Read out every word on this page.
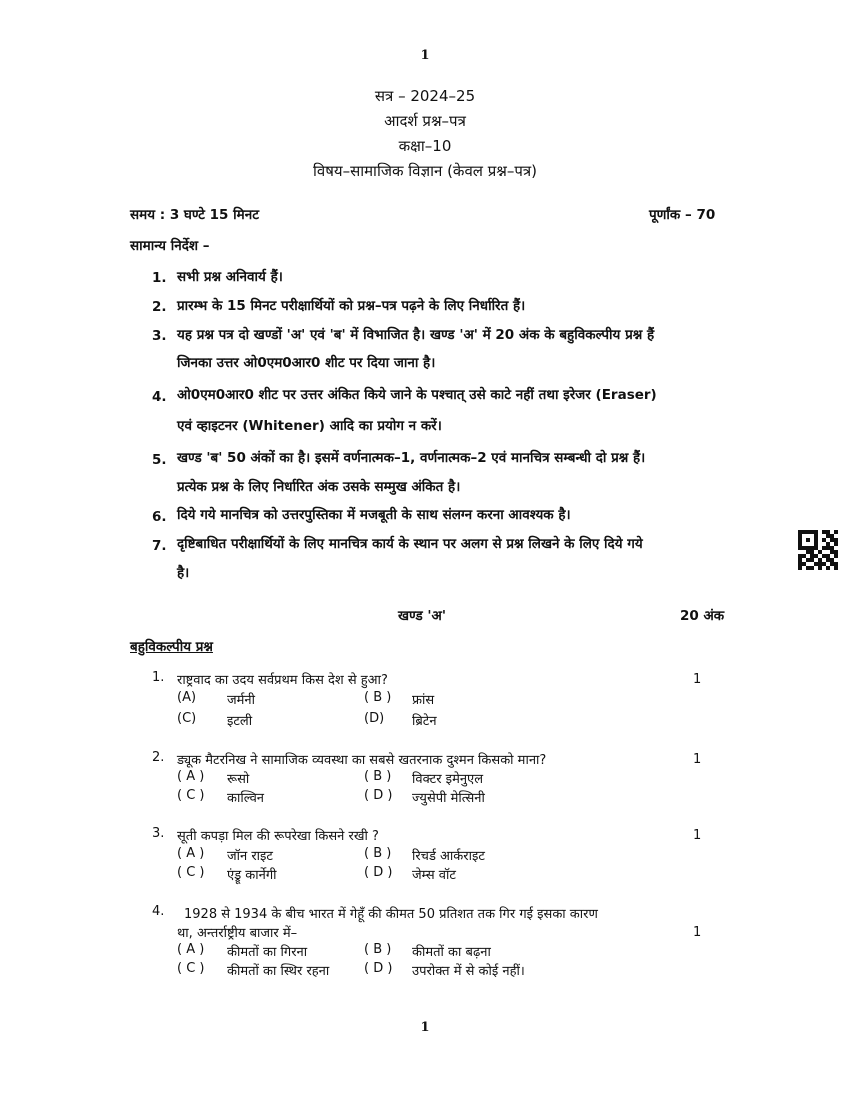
1
सत्र – 2024–25
आदर्श प्रश्न–पत्र
कक्षा–10
विषय–सामाजिक विज्ञान (केवल प्रश्न–पत्र)
समय : 3 घण्टे 15 मिनट	पूर्णांक – 70
सामान्य निर्देश –
1. सभी प्रश्न अनिवार्य हैं।
2. प्रारम्भ के 15 मिनट परीक्षार्थियों को प्रश्न–पत्र पढ़ने के लिए निर्धारित हैं।
3. यह प्रश्न पत्र दो खण्डों 'अ' एवं 'ब' में विभाजित है। खण्ड 'अ' में 20 अंक के बहुविकल्पीय प्रश्न हैं
जिनका उत्तर ओ0एम0आर0 शीट पर दिया जाना है।
4. ओ0एम0आर0 शीट पर उत्तर अंकित किये जाने के पश्चात् उसे काटे नहीं तथा इरेजर (Eraser)
एवं व्हाइटनर (Whitener) आदि का प्रयोग न करें।
5. खण्ड 'ब' 50 अंकों का है। इसमें वर्णनात्मक–1, वर्णनात्मक–2 एवं मानचित्र सम्बन्धी दो प्रश्न हैं।
प्रत्येक प्रश्न के लिए निर्धारित अंक उसके सम्मुख अंकित है।
6. दिये गये मानचित्र को उत्तरपुस्तिका में मजबूती के साथ संलग्न करना आवश्यक है।
7. दृष्टिबाधित परीक्षार्थियों के लिए मानचित्र कार्य के स्थान पर अलग से प्रश्न लिखने के लिए दिये गये
है।
खण्ड 'अ'	20 अंक
बहुविकल्पीय प्रश्न
1. राष्ट्रवाद का उदय सर्वप्रथम किस देश से हुआ?	1
(A) जर्मनी	( B ) फ्रांस
(C) इटली	(D) ब्रिटेन
2. ड्यूक मैटरनिख ने सामाजिक व्यवस्था का सबसे खतरनाक दुश्मन किसको माना?	1
( A ) रूसो	( B ) विक्टर इमेनुएल
( C ) काल्विन	( D ) ज्युसेपी मेत्सिनी
3. सूती कपड़ा मिल की रूपरेखा किसने रखी ?	1
( A ) जॉन राइट	( B ) रिचर्ड आर्कराइट
( C ) एंड्रू कार्नेगी	( D ) जेम्स वॉट
4. 1928 से 1934 के बीच भारत में गेहूँ की कीमत 50 प्रतिशत तक गिर गई इसका कारण
था, अन्तर्राष्ट्रीय बाजार में–	1
( A ) कीमतों का गिरना	( B ) कीमतों का बढ़ना
( C ) कीमतों का स्थिर रहना	( D ) उपरोक्त में से कोई नहीं।
1
